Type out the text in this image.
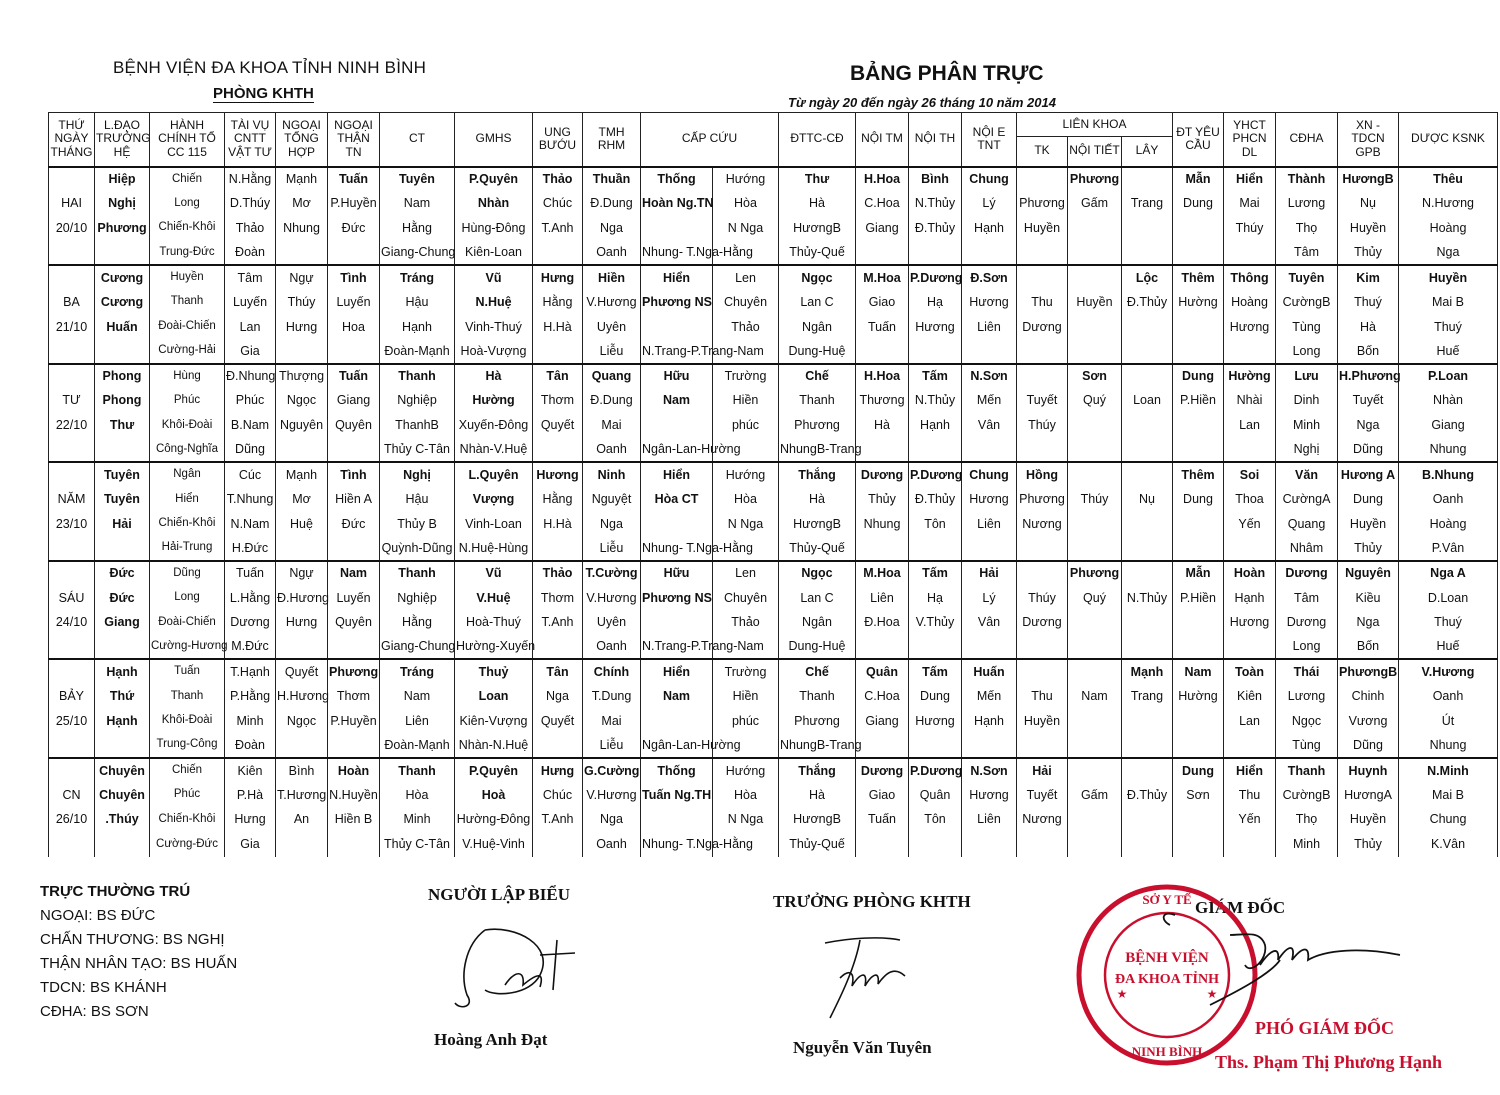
BỆNH VIỆN ĐA KHOA TỈNH NINH BÌNH
PHÒNG KHTH
BẢNG PHÂN TRỰC
Từ ngày 20 đến ngày 26 tháng 10 năm 2014
THỨ NGÀY THÁNG	L.ĐẠO TRƯỞNG HỆ	HÀNH CHÍNH TỔ CC 115	TÀI VỤ CNTT VẬT TƯ	NGOẠI TỔNG HỢP	NGOẠI THẬN TN	CT	GMHS	UNG BƯỚU	TMH RHM	CẤP CỨU		ĐTTC-CĐ	NỘI TM	NỘI TH	NỘI E TNT	LIÊN KHOA			ĐT YÊU CẦU	YHCT PHCN DL	CĐHA	XN - TDCN GPB	DƯỢC KSNK
																TK	NỘI TIẾT	LÂY					
	Hiệp	Chiến	N.Hằng	Mạnh	Tuấn	Tuyên	P.Quyên	Thảo	Thuần	Thống	Hướng	Thư	H.Hoa	Bình	Chung		Phương		Mẫn	Hiển	Thành	HươngB	Thêu
HAI	Nghị	Long	D.Thúy	Mơ	P.Huyền	Nam	Nhàn	Chúc	Đ.Dung	Hoàn Ng.TN	Hòa	Hà	C.Hoa	N.Thủy	Lý	Phương	Gấm	Trang	Dung	Mai	Lương	Nụ	N.Hương
20/10	Phương	Chiến-Khôi	Thảo	Nhung	Đức	Hằng	Hùng-Đông	T.Anh	Nga		N Nga	HươngB	Giang	Đ.Thủy	Hạnh	Huyền				Thúy	Thọ	Huyền	Hoàng
		Trung-Đức	Đoàn			Giang-Chung	Kiên-Loan		Oanh	Nhung- T.Nga-Hằng		Thủy-Quế									Tâm	Thủy	Nga
	Cương	Huyền	Tâm	Ngự	Tình	Tráng	Vũ	Hưng	Hiền	Hiển	Len	Ngọc	M.Hoa	P.Dương	Đ.Sơn			Lộc	Thêm	Thông	Tuyên	Kim	Huyền
BA	Cương	Thanh	Luyến	Thúy	Luyến	Hậu	N.Huệ	Hằng	V.Hương	Phương NS	Chuyên	Lan C	Giao	Hạ	Hương	Thu	Huyền	Đ.Thủy	Hường	Hoàng	CườngB	Thuý	Mai B
21/10	Huấn	Đoài-Chiến	Lan	Hưng	Hoa	Hạnh	Vinh-Thuý	H.Hà	Uyên		Thảo	Ngân	Tuấn	Hương	Liên	Dương				Hương	Tùng	Hà	Thuý
		Cường-Hải	Gia			Đoàn-Mạnh	Hoà-Vượng		Liễu	N.Trang-P.Trang-Nam		Dung-Huệ									Long	Bốn	Huế
	Phong	Hùng	Đ.Nhung	Thượng	Tuấn	Thanh	Hà	Tân	Quang	Hữu	Trường	Chế	H.Hoa	Tấm	N.Sơn		Sơn		Dung	Hường	Lưu	H.Phương	P.Loan
TƯ	Phong	Phúc	Phúc	Ngọc	Giang	Nghiệp	Hường	Thơm	Đ.Dung	Nam	Hiền	Thanh	Thương	N.Thủy	Mến	Tuyết	Quý	Loan	P.Hiền	Nhài	Dinh	Tuyết	Nhàn
22/10	Thư	Khôi-Đoài	B.Nam	Nguyên	Quyên	ThanhB	Xuyến-Đông	Quyết	Mai		phúc	Phương	Hà	Hạnh	Vân	Thúy				Lan	Minh	Nga	Giang
		Công-Nghĩa	Dũng			Thủy C-Tân	Nhàn-V.Huệ		Oanh	Ngân-Lan-Hường		NhungB-Trang									Nghị	Dũng	Nhung
	Tuyên	Ngân	Cúc	Mạnh	Tình	Nghị	L.Quyên	Hương	Ninh	Hiển	Hướng	Thắng	Dương	P.Dương	Chung	Hồng			Thêm	Soi	Văn	Hương A	B.Nhung
NĂM	Tuyên	Hiển	T.Nhung	Mơ	Hiền A	Hậu	Vượng	Hằng	Nguyệt	Hòa CT	Hòa	Hà	Thủy	Đ.Thủy	Hương	Phương	Thúy	Nụ	Dung	Thoa	CườngA	Dung	Oanh
23/10	Hải	Chiến-Khôi	N.Nam	Huệ	Đức	Thủy B	Vinh-Loan	H.Hà	Nga		N Nga	HươngB	Nhung	Tôn	Liên	Nương				Yến	Quang	Huyền	Hoàng
		Hải-Trung	H.Đức			Quỳnh-Dũng	N.Huệ-Hùng		Liễu	Nhung- T.Nga-Hằng		Thủy-Quế									Nhâm	Thủy	P.Vân
	Đức	Dũng	Tuấn	Ngự	Nam	Thanh	Vũ	Thảo	T.Cường	Hữu	Len	Ngọc	M.Hoa	Tấm	Hải		Phương		Mẫn	Hoàn	Dương	Nguyên	Nga A
SÁU	Đức	Long	L.Hằng	Đ.Hương	Luyến	Nghiệp	V.Huệ	Thơm	V.Hương	Phương NS	Chuyên	Lan C	Liên	Hạ	Lý	Thúy	Quý	N.Thủy	P.Hiền	Hạnh	Tâm	Kiều	D.Loan
24/10	Giang	Đoài-Chiến	Dương	Hưng	Quyên	Hằng	Hoà-Thuý	T.Anh	Uyên		Thảo	Ngân	Đ.Hoa	V.Thủy	Vân	Dương				Hương	Dương	Nga	Thuý
		Cường-Hương	M.Đức			Giang-Chung	Hường-Xuyến		Oanh	N.Trang-P.Trang-Nam		Dung-Huệ									Long	Bốn	Huế
	Hạnh	Tuấn	T.Hạnh	Quyết	Phương	Tráng	Thuỷ	Tân	Chính	Hiển	Trường	Chế	Quân	Tấm	Huấn			Mạnh	Nam	Toàn	Thái	PhươngB	V.Hương
BẢY	Thứ	Thanh	P.Hằng	H.Hương	Thơm	Nam	Loan	Nga	T.Dung	Nam	Hiền	Thanh	C.Hoa	Dung	Mến	Thu	Nam	Trang	Hường	Kiên	Lương	Chinh	Oanh
25/10	Hạnh	Khôi-Đoài	Minh	Ngọc	P.Huyền	Liên	Kiên-Vượng	Quyết	Mai		phúc	Phương	Giang	Hương	Hạnh	Huyền				Lan	Ngọc	Vương	Út
		Trung-Công	Đoàn			Đoàn-Mạnh	Nhàn-N.Huệ		Liễu	Ngân-Lan-Hường		NhungB-Trang									Tùng	Dũng	Nhung
	Chuyên	Chiến	Kiên	Bình	Hoàn	Thanh	P.Quyên	Hưng	G.Cường	Thống	Hướng	Thắng	Dương	P.Dương	N.Sơn	Hải			Dung	Hiển	Thanh	Huynh	N.Minh
CN	Chuyên	Phúc	P.Hà	T.Hương	N.Huyền	Hòa	Hoà	Chúc	V.Hương	Tuấn Ng.TH	Hòa	Hà	Giao	Quân	Hương	Tuyết	Gấm	Đ.Thủy	Sơn	Thu	CườngB	HươngA	Mai B
26/10	.Thúy	Chiến-Khôi	Hưng	An	Hiền B	Minh	Hường-Đông	T.Anh	Nga		N Nga	HươngB	Tuấn	Tôn	Liên	Nương				Yến	Thọ	Huyền	Chung
		Cường-Đức	Gia			Thủy C-Tân	V.Huệ-Vinh		Oanh	Nhung- T.Nga-Hằng		Thủy-Quế									Minh	Thủy	K.Vân
TRỰC THƯỜNG TRÚ
NGOẠI: BS ĐỨC
CHẤN THƯƠNG: BS NGHỊ
THẬN NHÂN TẠO: BS HUẤN
TDCN: BS KHÁNH
CĐHA: BS SƠN
NGƯỜI LẬP BIỂU
Hoàng Anh Đạt
TRƯỞNG PHÒNG KHTH
Nguyễn Văn Tuyên
GIÁM ĐỐC
SỞ Y TẾ
BỆNH VIỆN
ĐA KHOA TỈNH
NINH BÌNH
★	★
PHÓ GIÁM ĐỐC
Ths. Phạm Thị Phương Hạnh
